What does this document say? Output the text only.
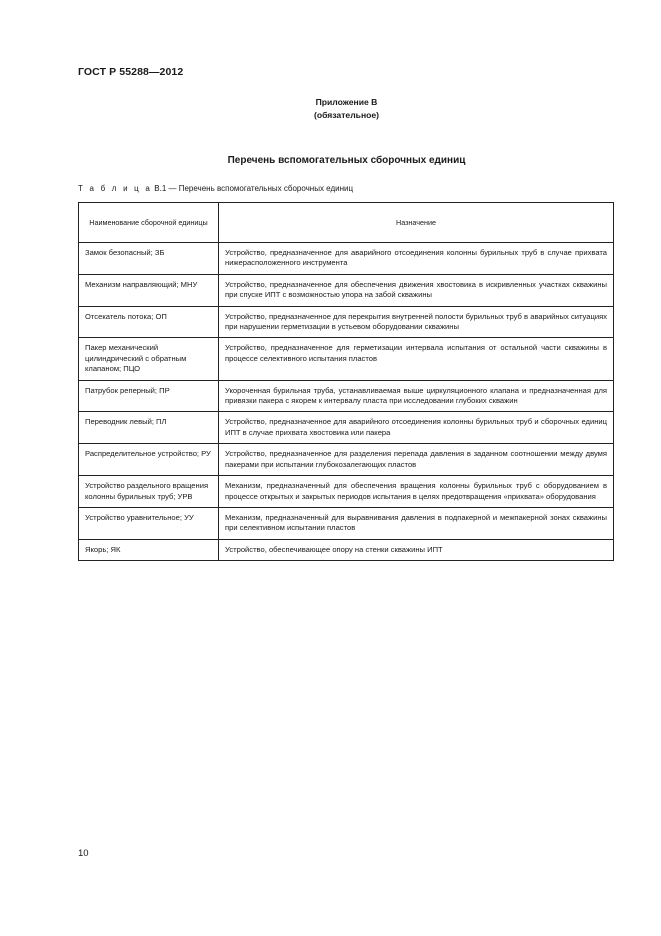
ГОСТ Р 55288—2012
Приложение В
(обязательное)
Перечень вспомогательных сборочных единиц
Т а б л и ц а В.1 — Перечень вспомогательных сборочных единиц
Наименование сборочной единицы	Назначение
Замок безопасный; ЗБ	Устройство, предназначенное для аварийного отсоединения колонны бурильных труб в случае прихвата нижерасположенного инструмента
Механизм направляющий; МНУ	Устройство, предназначенное для обеспечения движения хвостовика в искривленных участках скважины при спуске ИПТ с возможностью упора на забой скважины
Отсекатель потока; ОП	Устройство, предназначенное для перекрытия внутренней полости бурильных труб в аварийных ситуациях при нарушении герметизации в устьевом оборудовании скважины
Пакер механический цилиндрический с обратным клапаном; ПЦО	Устройство, предназначенное для герметизации интервала испытания от остальной части скважины в процессе селективного испытания пластов
Патрубок реперный; ПР	Укороченная бурильная труба, устанавливаемая выше циркуляционного клапана и предназначенная для привязки пакера с якорем к интервалу пласта при исследовании глубоких скважин
Переводник левый; ПЛ	Устройство, предназначенное для аварийного отсоединения колонны бурильных труб и сборочных единиц ИПТ в случае прихвата хвостовика или пакера
Распределительное устройство; РУ	Устройство, предназначенное для разделения перепада давления в заданном соотношении между двумя пакерами при испытании глубокозалегающих пластов
Устройство раздельного вращения колонны бурильных труб; УРВ	Механизм, предназначенный для обеспечения вращения колонны бурильных труб с оборудованием в процессе открытых и закрытых периодов испытания в целях предотвращения «прихвата» оборудования
Устройство уравнительное; УУ	Механизм, предназначенный для выравнивания давления в подпакерной и межпакерной зонах скважины при селективном испытании пластов
Якорь; ЯК	Устройство, обеспечивающее опору на стенки скважины ИПТ
10
